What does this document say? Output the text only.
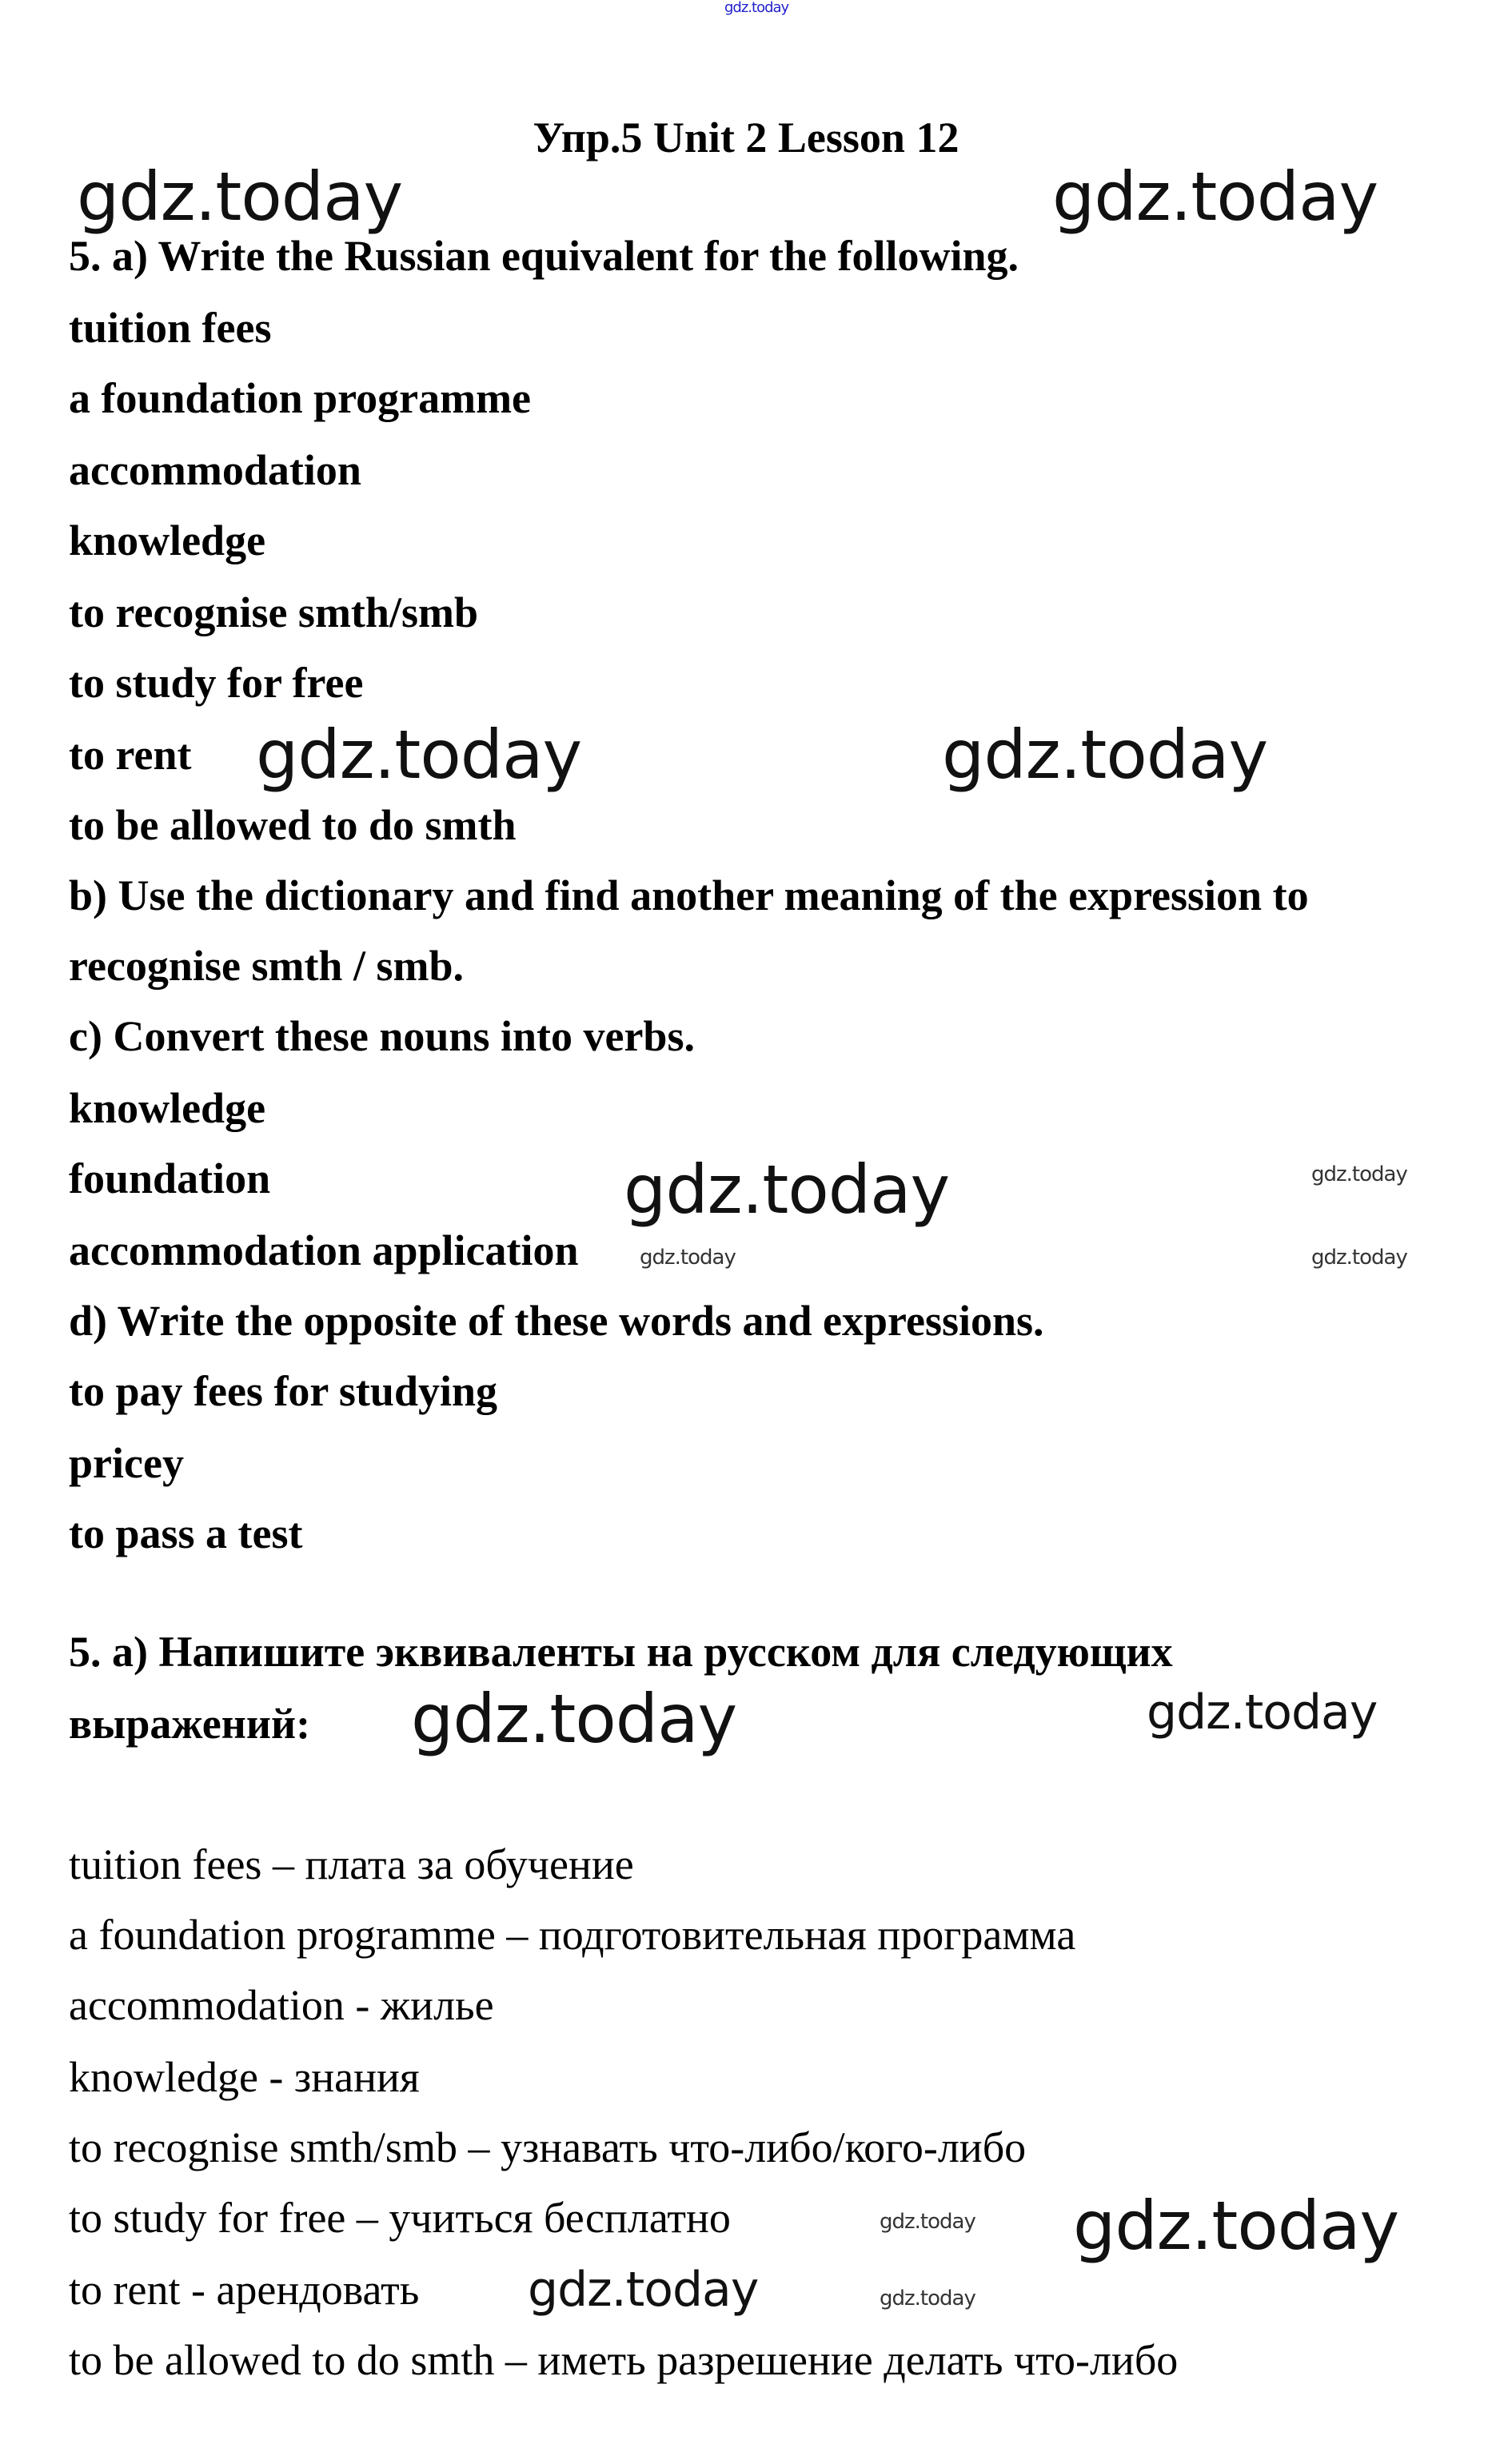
gdz.today
gdz.today	gdz.today
gdz.today	gdz.today
gdz.today	gdz.today
gdz.today	gdz.today
gdz.today	gdz.today
gdz.today gdz.today
gdz.today	gdz.today
Упр.5 Unit 2 Lesson 12
5. a) Write the Russian equivalent for the following.
tuition fees
a foundation programme
accommodation
knowledge
to recognise smth/smb
to study for free
to rent
to be allowed to do smth
b) Use the dictionary and find another meaning of the expression to
recognise smth / smb.
c) Convert these nouns into verbs.
knowledge
foundation
accommodation application
d) Write the opposite of these words and expressions.
to pay fees for studying
pricey
to pass a test
5. а) Напишите эквиваленты на русском для следующих
выражений:
tuition fees – плата за обучение
a foundation programme – подготовительная программа
accommodation - жилье
knowledge - знания
to recognise smth/smb – узнавать что-либо/кого-либо
to study for free – учиться бесплатно
to rent - арендовать
to be allowed to do smth – иметь разрешение делать что-либо
